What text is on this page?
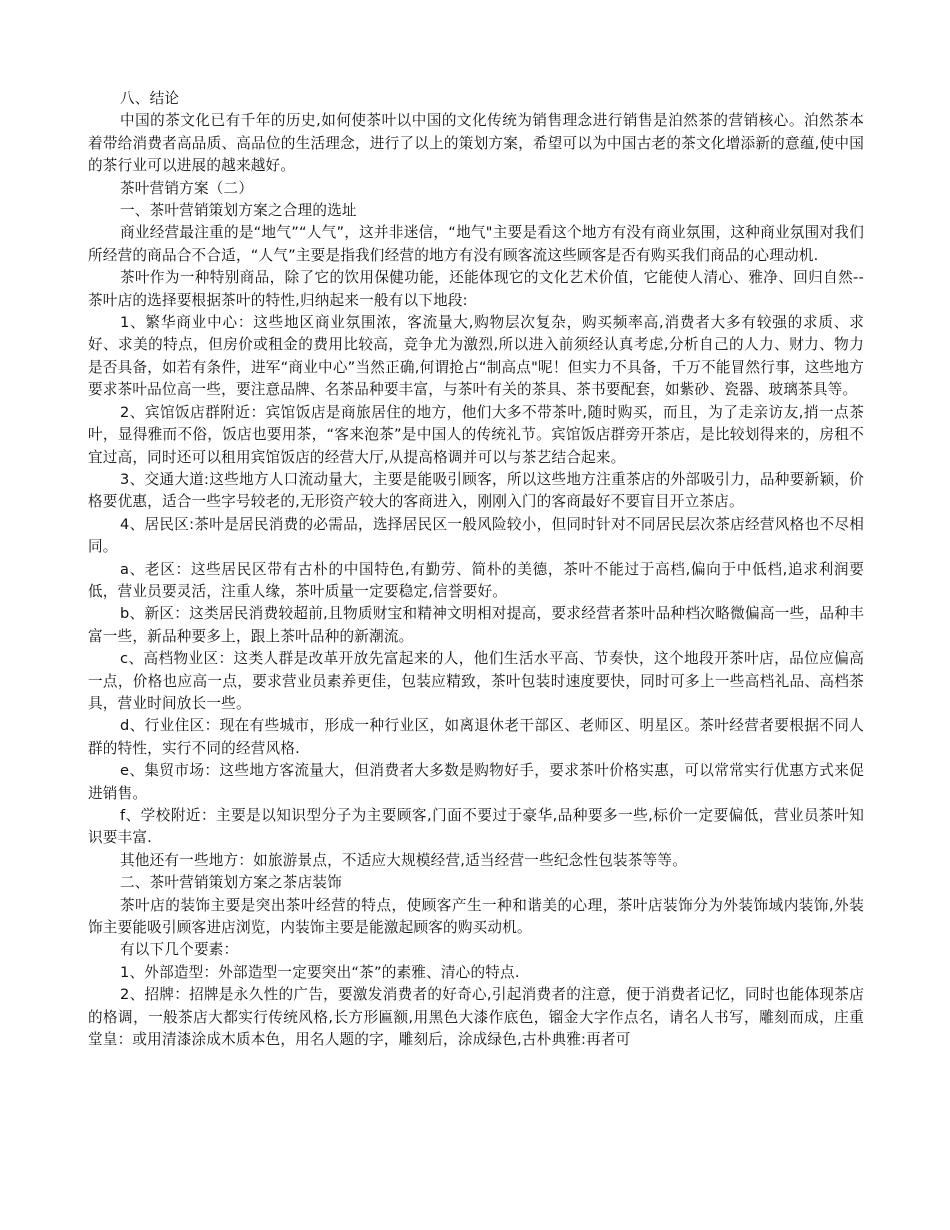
八、结论

中国的茶文化已有千年的历史,如何使茶叶以中国的文化传统为销售理念进行销售是泊然茶的营销核心。泊然茶本着带给消费者高品质、高品位的生活理念，进行了以上的策划方案，希望可以为中国古老的茶文化增添新的意蕴,使中国的茶行业可以进展的越来越好。

茶叶营销方案（二）

一、茶叶营销策划方案之合理的选址

商业经营最注重的是“地气”“人气”，这并非迷信，“地气"主要是看这个地方有没有商业氛围，这种商业氛围对我们所经营的商品合不合适，“人气”主要是指我们经营的地方有没有顾客流这些顾客是否有购买我们商品的心理动机.

茶叶作为一种特别商品，除了它的饮用保健功能，还能体现它的文化艺术价值，它能使人清心、雅净、回归自然--茶叶店的选择要根据茶叶的特性,归纳起来一般有以下地段:

1、繁华商业中心：这些地区商业氛围浓，客流量大,购物层次复杂，购买频率高,消费者大多有较强的求质、求好、求美的特点，但房价或租金的费用比较高，竞争尤为激烈,所以进入前须经认真考虑,分析自己的人力、财力、物力是否具备，如若有条件，进军“商业中心”当然正确,何谓抢占“制高点"呢！但实力不具备，千万不能冒然行事，这些地方要求茶叶品位高一些，要注意品牌、名茶品种要丰富，与茶叶有关的茶具、茶书要配套，如紫砂、瓷器、玻璃茶具等。

2、宾馆饭店群附近：宾馆饭店是商旅居住的地方，他们大多不带茶叶,随时购买，而且，为了走亲访友,捎一点茶叶，显得雅而不俗，饭店也要用茶，“客来泡茶”是中国人的传统礼节。宾馆饭店群旁开茶店，是比较划得来的，房租不宜过高，同时还可以租用宾馆饭店的经营大厅,从提高格调并可以与茶艺结合起来。

3、交通大道:这些地方人口流动量大，主要是能吸引顾客，所以这些地方注重茶店的外部吸引力，品种要新颖，价格要优惠，适合一些字号较老的,无形资产较大的客商进入，刚刚入门的客商最好不要盲目开立茶店。

4、居民区:茶叶是居民消费的必需品，选择居民区一般风险较小，但同时针对不同居民层次茶店经营风格也不尽相同。

a、老区：这些居民区带有古朴的中国特色,有勤劳、简朴的美德，茶叶不能过于高档,偏向于中低档,追求利润要低，营业员要灵活，注重人缘，茶叶质量一定要稳定,信誉要好。

b、新区：这类居民消费较超前,且物质财宝和精神文明相对提高，要求经营者茶叶品种档次略微偏高一些，品种丰富一些，新品种要多上，跟上茶叶品种的新潮流。

c、高档物业区：这类人群是改革开放先富起来的人，他们生活水平高、节奏快，这个地段开茶叶店，品位应偏高一点，价格也应高一点，要求营业员素养更佳，包装应精致，茶叶包装时速度要快，同时可多上一些高档礼品、高档茶具，营业时间放长一些。

d、行业住区：现在有些城市，形成一种行业区，如离退休老干部区、老师区、明星区。茶叶经营者要根据不同人群的特性，实行不同的经营风格.

e、集贸市场：这些地方客流量大，但消费者大多数是购物好手，要求茶叶价格实惠，可以常常实行优惠方式来促进销售。

f、学校附近：主要是以知识型分子为主要顾客,门面不要过于豪华,品种要多一些,标价一定要偏低，营业员茶叶知识要丰富.

其他还有一些地方：如旅游景点，不适应大规模经营,适当经营一些纪念性包装茶等等。

二、茶叶营销策划方案之茶店装饰

茶叶店的装饰主要是突出茶叶经营的特点，使顾客产生一种和谐美的心理，茶叶店装饰分为外装饰域内装饰,外装饰主要能吸引顾客进店浏览，内装饰主要是能激起顾客的购买动机。

有以下几个要素：

1、外部造型：外部造型一定要突出“茶”的素雅、清心的特点.

2、招牌：招牌是永久性的广告，要激发消费者的好奇心,引起消费者的注意，便于消费者记忆，同时也能体现茶店的格调，一般茶店大都实行传统风格,长方形匾额,用黑色大漆作底色，镏金大字作点名，请名人书写，雕刻而成，庄重堂皇：或用清漆涂成木质本色，用名人题的字，雕刻后，涂成绿色,古朴典雅:再者可
